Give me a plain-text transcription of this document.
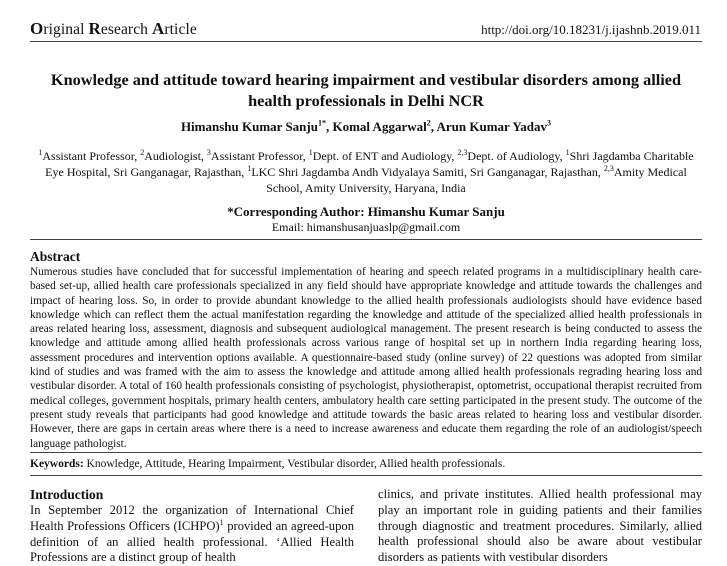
Original Research Article	http://doi.org/10.18231/j.ijashnb.2019.011
Knowledge and attitude toward hearing impairment and vestibular disorders among allied health professionals in Delhi NCR
Himanshu Kumar Sanju$^{1*}$, Komal Aggarwal$^2$, Arun Kumar Yadav$^3$
$^1$Assistant Professor, $^2$Audiologist, $^3$Assistant Professor, $^1$Dept. of ENT and Audiology, $^{2,3}$Dept. of Audiology, $^1$Shri Jagdamba Charitable Eye Hospital, Sri Ganganagar, Rajasthan, $^1$LKC Shri Jagdamba Andh Vidyalaya Samiti, Sri Ganganagar, Rajasthan, $^{2,3}$Amity Medical School, Amity University, Haryana, India
*Corresponding Author: Himanshu Kumar Sanju
Email: himanshusanjuaslp@gmail.com
Abstract
Numerous studies have concluded that for successful implementation of hearing and speech related programs in a multidisciplinary health care-based set-up, allied health care professionals specialized in any field should have appropriate knowledge and attitude towards the challenges and impact of hearing loss. So, in order to provide abundant knowledge to the allied health professionals audiologists should have evidence based knowledge which can reflect them the actual manifestation regarding the knowledge and attitude of the specialized allied health professionals in areas related hearing loss, assessment, diagnosis and subsequent audiological management. The present research is being conducted to assess the knowledge and attitude among allied health professionals across various range of hospital set up in northern India regarding hearing loss, assessment procedures and intervention options available. A questionnaire-based study (online survey) of 22 questions was adopted from similar kind of studies and was framed with the aim to assess the knowledge and attitude among allied health professionals regrading hearing loss and vestibular disorder. A total of 160 health professionals consisting of psychologist, physiotherapist, optometrist, occupational therapist recruited from medical colleges, government hospitals, primary health centers, ambulatory health care setting participated in the present study. The outcome of the present study reveals that participants had good knowledge and attitude towards the basic areas related to hearing loss and vestibular disorder. However, there are gaps in certain areas where there is a need to increase awareness and educate them regarding the role of an audiologist/speech language pathologist.
Keywords: Knowledge, Attitude, Hearing Impairment, Vestibular disorder, Allied health professionals.
Introduction
In September 2012 the organization of International Chief Health Professions Officers (ICHPO)$^1$ provided an agreed-upon definition of an allied health professional. ‘Allied Health Professions are a distinct group of health
clinics, and private institutes. Allied health professional may play an important role in guiding patients and their families through diagnostic and treatment procedures. Similarly, allied health professional should also be aware about vestibular disorders as patients with vestibular disorders
